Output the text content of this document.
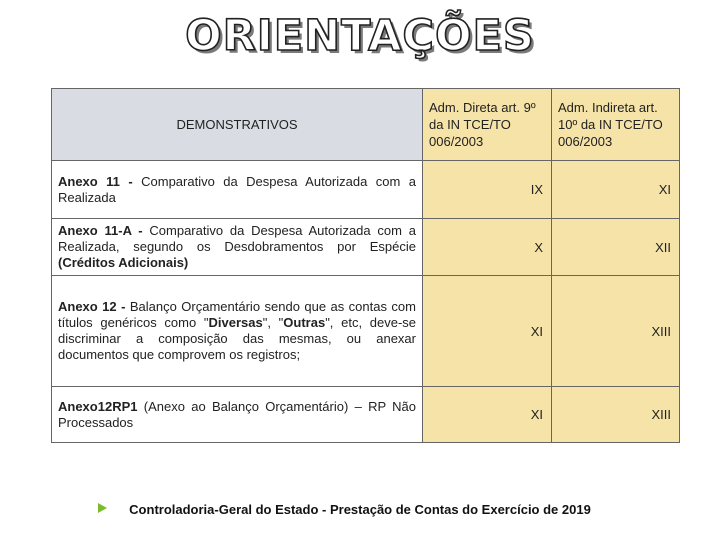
ORIENTAÇÕES
DEMONSTRATIVOS	Adm. Direta art. 9º da IN TCE/TO 006/2003	Adm. Indireta art. 10º da IN TCE/TO 006/2003
Anexo 11 - Comparativo da Despesa Autorizada com a Realizada	IX	XI
Anexo 11-A - Comparativo da Despesa Autorizada com a Realizada, segundo os Desdobramentos por Espécie (Créditos Adicionais)	X	XII
Anexo 12 - Balanço Orçamentário sendo que as contas com títulos genéricos como "Diversas", "Outras", etc, deve-se discriminar a composição das mesmas, ou anexar documentos que comprovem os registros;	XI	XIII
Anexo12RP1 (Anexo ao Balanço Orçamentário) – RP Não Processados	XI	XIII
Controladoria-Geral do Estado - Prestação de Contas do Exercício de 2019
